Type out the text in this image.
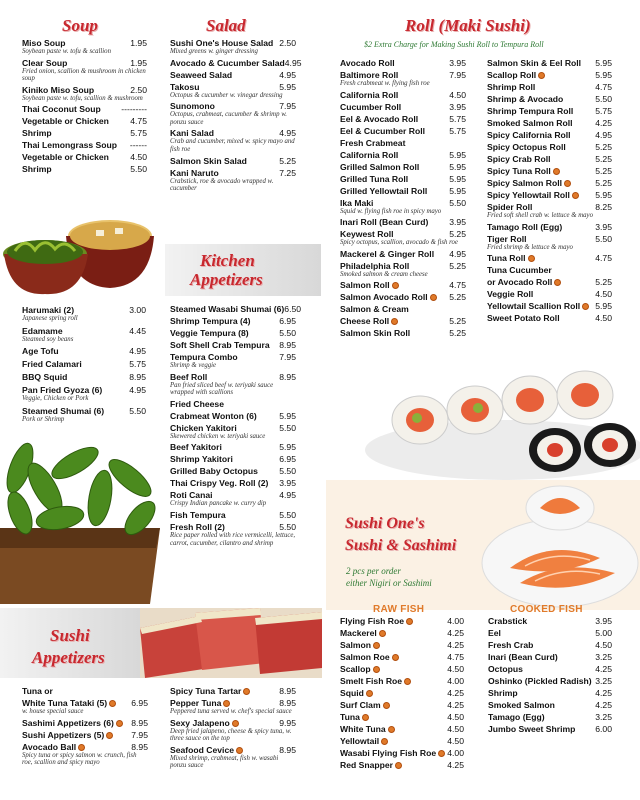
Soup
Miso Soup	1.95
Soybean paste w. tofu & scallion
Clear Soup	1.95
Fried onion, scallion & mushroom in chicken soup
Kiniko Miso Soup	2.50
Soybean paste w. tofu, scallion & mushroom
Thai Coconut Soup ---------
Vegetable or Chicken 4.75
Shrimp	5.75
Thai Lemongrass Soup ------
Vegetable or Chicken 4.50
Shrimp	5.50
Salad
Sushi One's House Salad 2.50
Mixed greens w. ginger dressing
Avocado & Cucumber Salad 4.95
Seaweed Salad	4.95
Takosu	5.95
Octopus & cucumber w. vinegar dressing
Sunomono	7.95
Octopus, crabmeat, cucumber & shrimp w. ponzu sauce
Kani Salad	4.95
Crab and cucumber, mixed w. spicy mayo and fish roe
Salmon Skin Salad	5.25
Kani Naruto	7.25
Crabstick, roe & avocado wrapped w. cucumber
Roll (Maki Sushi)
$2 Extra Charge for Making Sushi Roll to Tempura Roll
Avocado Roll	3.95
Baltimore Roll	7.95
Fresh crabmeat w. flying fish roe
California Roll	4.50
Cucumber Roll	3.95
Eel & Avocado Roll	5.75
Eel & Cucumber Roll	5.75
Fresh Crabmeat
California Roll	5.95
Grilled Salmon Roll	5.95
Grilled Tuna Roll	5.95
Grilled Yellowtail Roll	5.95
Ika Maki	5.50
Squid w. flying fish roe in spicy mayo
Inari Roll (Bean Curd) 3.95
Keywest Roll	5.25
Spicy octopus, scallion, avocado & fish roe
Mackerel & Ginger Roll 4.95
Philadelphia Roll	5.25
Smoked salmon & cream cheese
Salmon Roll	4.75
Salmon Avocado Roll	5.25
Salmon & Cream
Cheese Roll	5.25
Salmon Skin Roll	5.25
Salmon Skin & Eel Roll 5.95
Scallop Roll	5.95
Shrimp Roll	4.75
Shrimp & Avocado	5.50
Shrimp Tempura Roll	5.75
Smoked Salmon Roll	4.25
Spicy California Roll	4.95
Spicy Octopus Roll	5.25
Spicy Crab Roll	5.25
Spicy Tuna Roll	5.25
Spicy Salmon Roll	5.25
Spicy Yellowtail Roll	5.95
Spider Roll	8.25
Fried soft shell crab w. lettuce & mayo
Tamago Roll (Egg)	3.95
Tiger Roll	5.50
Fried shrimp & lettuce & mayo
Tuna Roll	4.75
Tuna Cucumber
or Avocado Roll	5.25
Veggie Roll	4.50
Yellowtail Scallion Roll	5.95
Sweet Potato Roll	4.50
Kitchen
Appetizers
Harumaki (2)	3.00
Japanese spring roll
Edamame	4.45
Steamed soy beans
Age Tofu	4.95
Fried Calamari	5.75
BBQ Squid	8.95
Pan Fried Gyoza (6)	4.95
Veggie, Chicken or Pork
Steamed Shumai (6)	5.50
Pork or Shrimp
Steamed Wasabi Shumai (6) 6.50
Shrimp Tempura (4)	6.95
Veggie Tempura (8)	5.50
Soft Shell Crab Tempura 8.95
Tempura Combo	7.95
Shrimp & veggie
Beef Roll	8.95
Pan fried sliced beef w. teriyaki sauce wrapped with scallions
Fried Cheese
Crabmeat Wonton (6)	5.95
Chicken Yakitori	5.50
Skewered chicken w. teriyaki sauce
Beef Yakitori	5.95
Shrimp Yakitori	6.95
Grilled Baby Octopus 5.50
Thai Crispy Veg. Roll (2) 3.95
Roti Canai	4.95
Crispy Indian pancake w. curry dip
Fish Tempura	5.50
Fresh Roll (2)	5.50
Rice paper rolled with rice vermicelli, lettuce, carrot, cucumber, cilantro and shrimp
Sushi One's
Sushi & Sashimi
2 pcs per order
either Nigiri or Sashimi
RAW FISH	COOKED FISH
Flying Fish Roe	4.00
Mackerel	4.25
Salmon	4.25
Salmon Roe	4.75
Scallop	4.50
Smelt Fish Roe	4.00
Squid	4.25
Surf Clam	4.25
Tuna	4.50
White Tuna	4.50
Yellowtail	4.50
Wasabi Flying Fish Roe	4.00
Red Snapper	4.25
Crabstick	3.95
Eel	5.00
Fresh Crab	4.50
Inari (Bean Curd)	3.25
Octopus	4.25
Oshinko (Pickled Radish) 3.25
Shrimp	4.25
Smoked Salmon	4.25
Tamago (Egg)	3.25
Jumbo Sweet Shrimp 6.00
Sushi
Appetizers
Tuna or
White Tuna Tataki (5)	6.95
w. house special sauce
Sashimi Appetizers (6)	8.95
Sushi Appetizers (5)	7.95
Avocado Ball	8.95
Spicy tuna or spicy salmon w. crunch, fish roe, scallion and spicy mayo
Spicy Tuna Tartar	8.95
Pepper Tuna	8.95
Peppered tuna served w. chef's special sauce
Sexy Jalapeno	9.95
Deep fried jalapeno, cheese & spicy tuna, w. three sauce on the top
Seafood Cevice	8.95
Mixed shrimp, crabmeat, fish w. wasabi ponzu sauce
